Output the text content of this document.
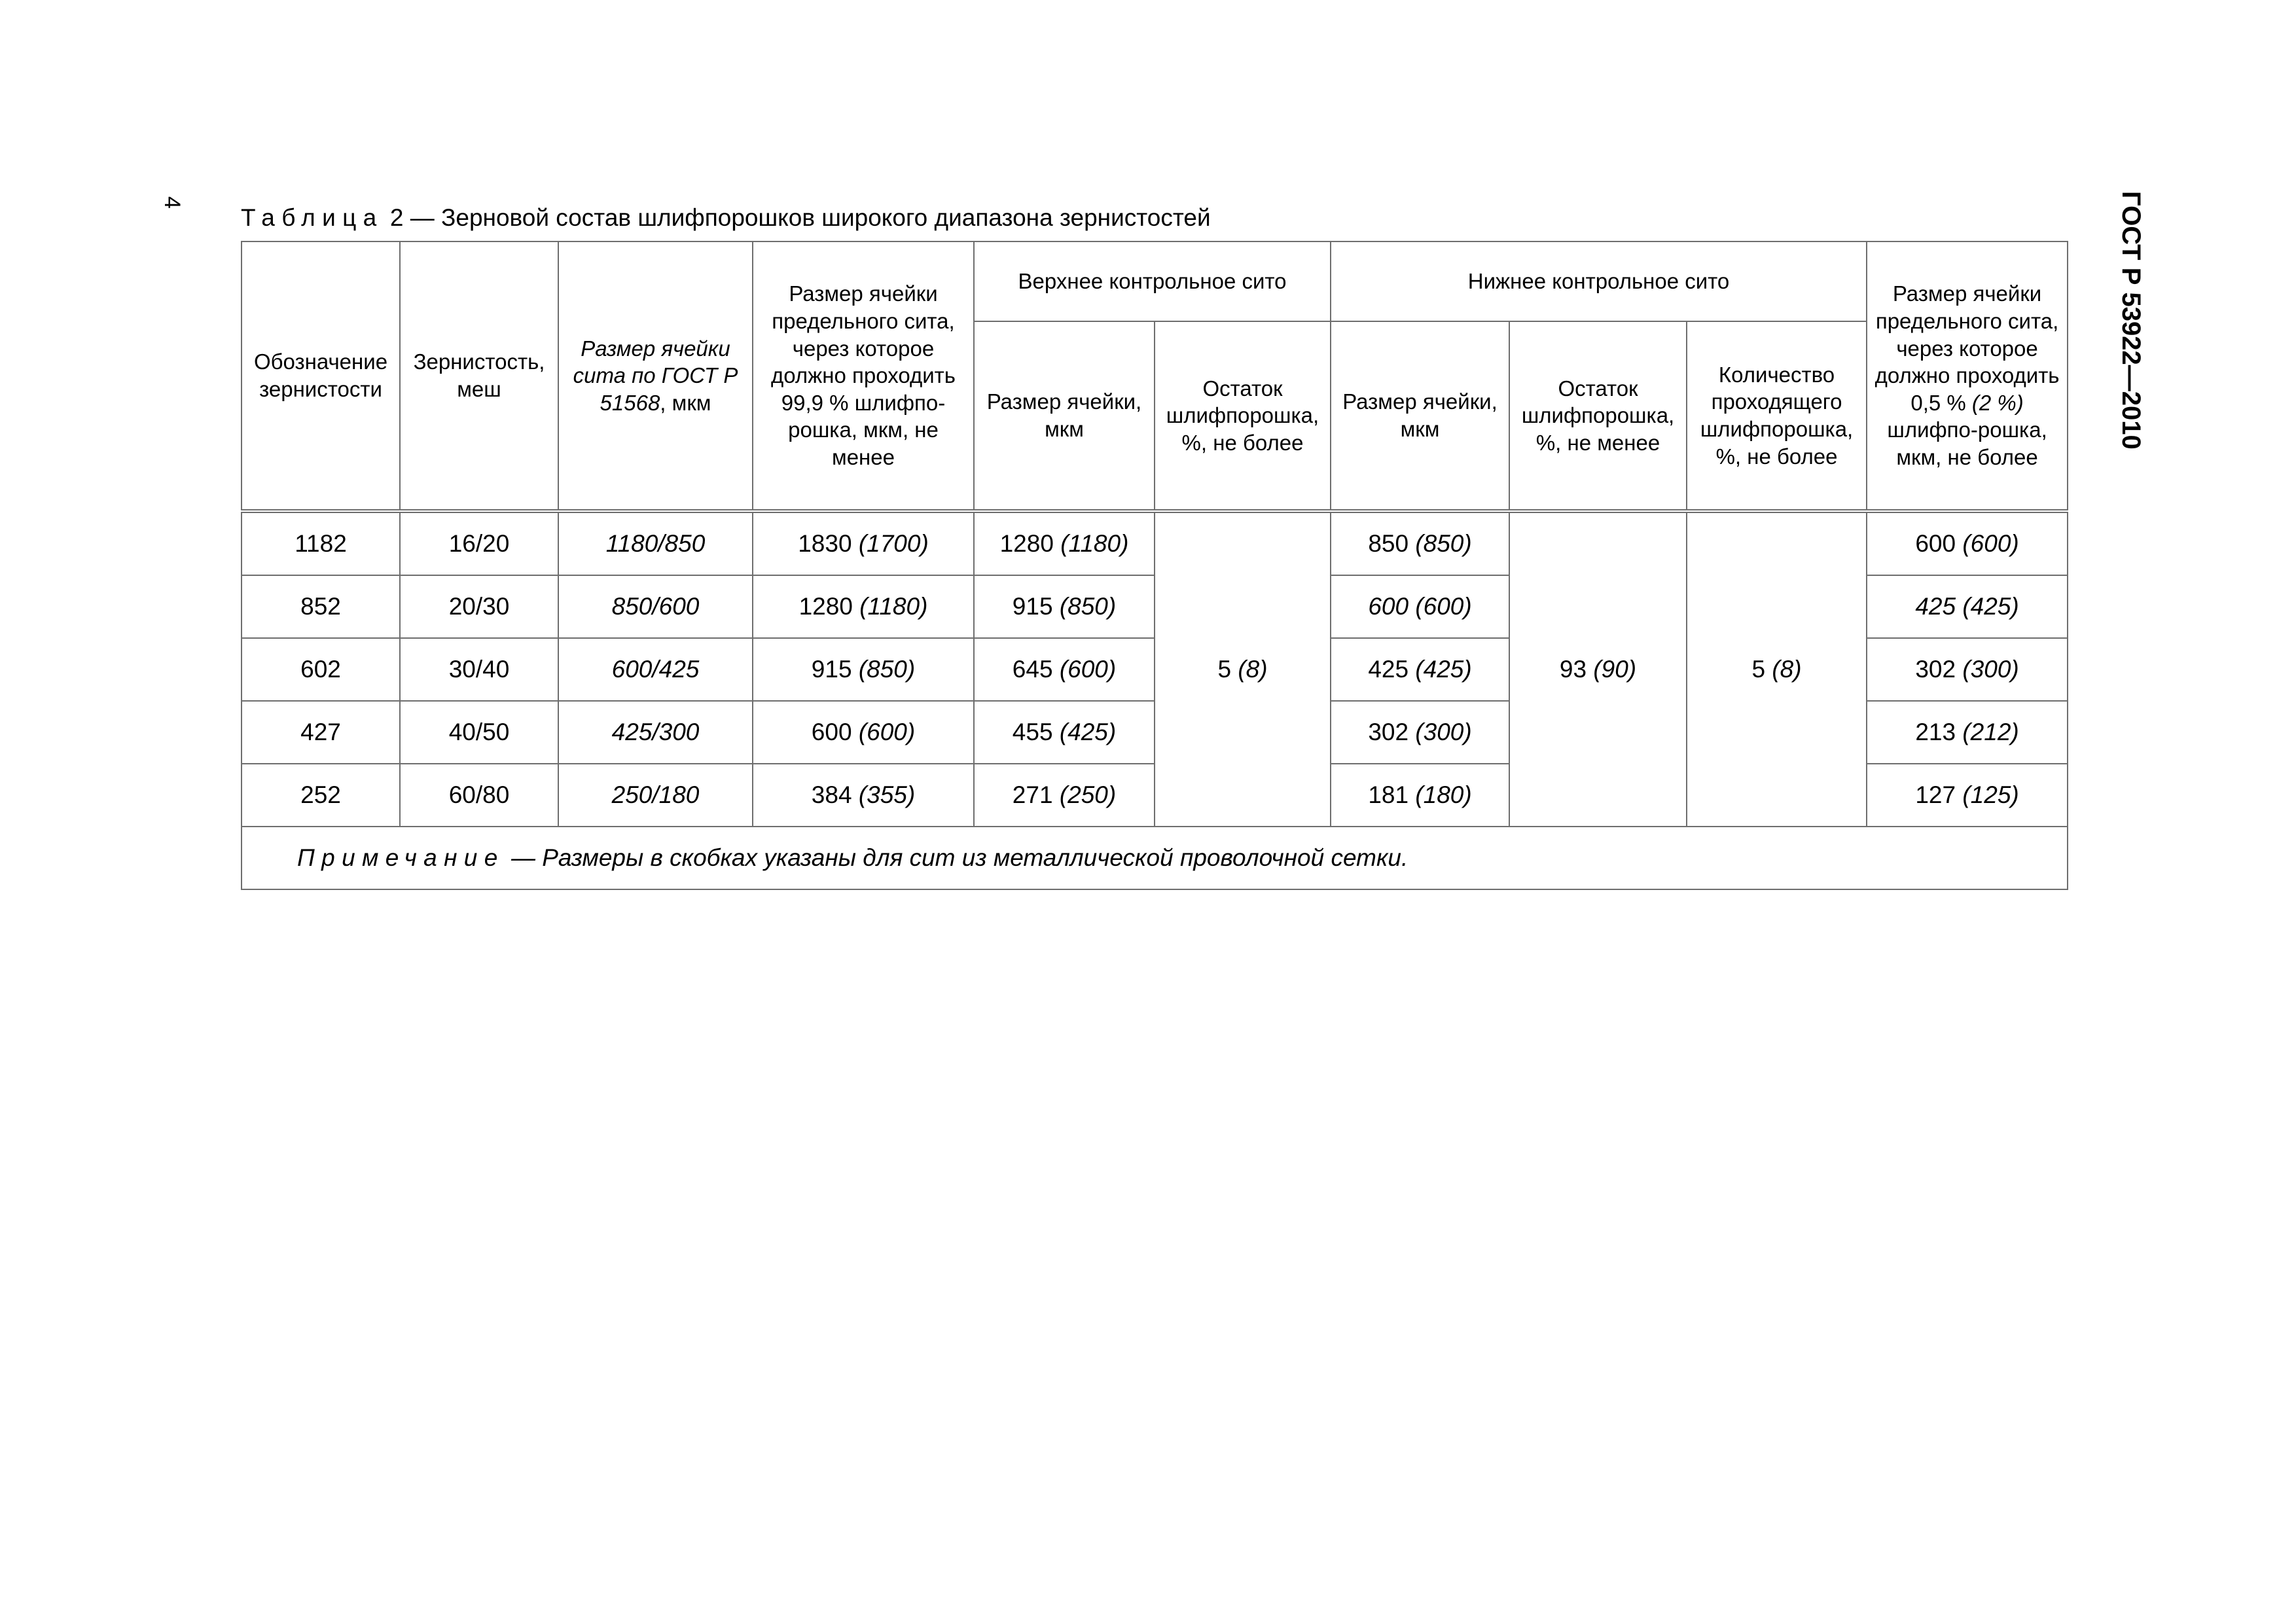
4	ГОСТ Р 53922—2010
Таблица 2 — Зерновой состав шлифпорошков широкого диапазона зернистостей
Обозначение зернистости	Зернистость, меш	Размер ячейки сита по ГОСТ Р 51568, мкм	Размер ячейки предельного сита, через которое должно проходить 99,9 % шлифпо-рошка, мкм, не менее	Верхнее контрольное сито		Нижнее контрольное сито			Размер ячейки предельного сита, через которое должно проходить 0,5 % (2 %) шлифпо-рошка, мкм, не более
				Размер ячейки, мкм	Остаток шлифпорошка, %, не более	Размер ячейки, мкм	Остаток шлифпорошка, %, не менее	Количество проходящего шлифпорошка, %, не более	
1182	16/20	1180/850	1830 (1700)	1280 (1180)	5 (8)	850 (850)	93 (90)	5 (8)	600 (600)
852	20/30	850/600	1280 (1180)	915 (850)		600 (600)			425 (425)
602	30/40	600/425	915 (850)	645 (600)		425 (425)			302 (300)
427	40/50	425/300	600 (600)	455 (425)		302 (300)			213 (212)
252	60/80	250/180	384 (355)	271 (250)		181 (180)			127 (125)
Примечание — Размеры в скобках указаны для сит из металлической проволочной сетки.									
